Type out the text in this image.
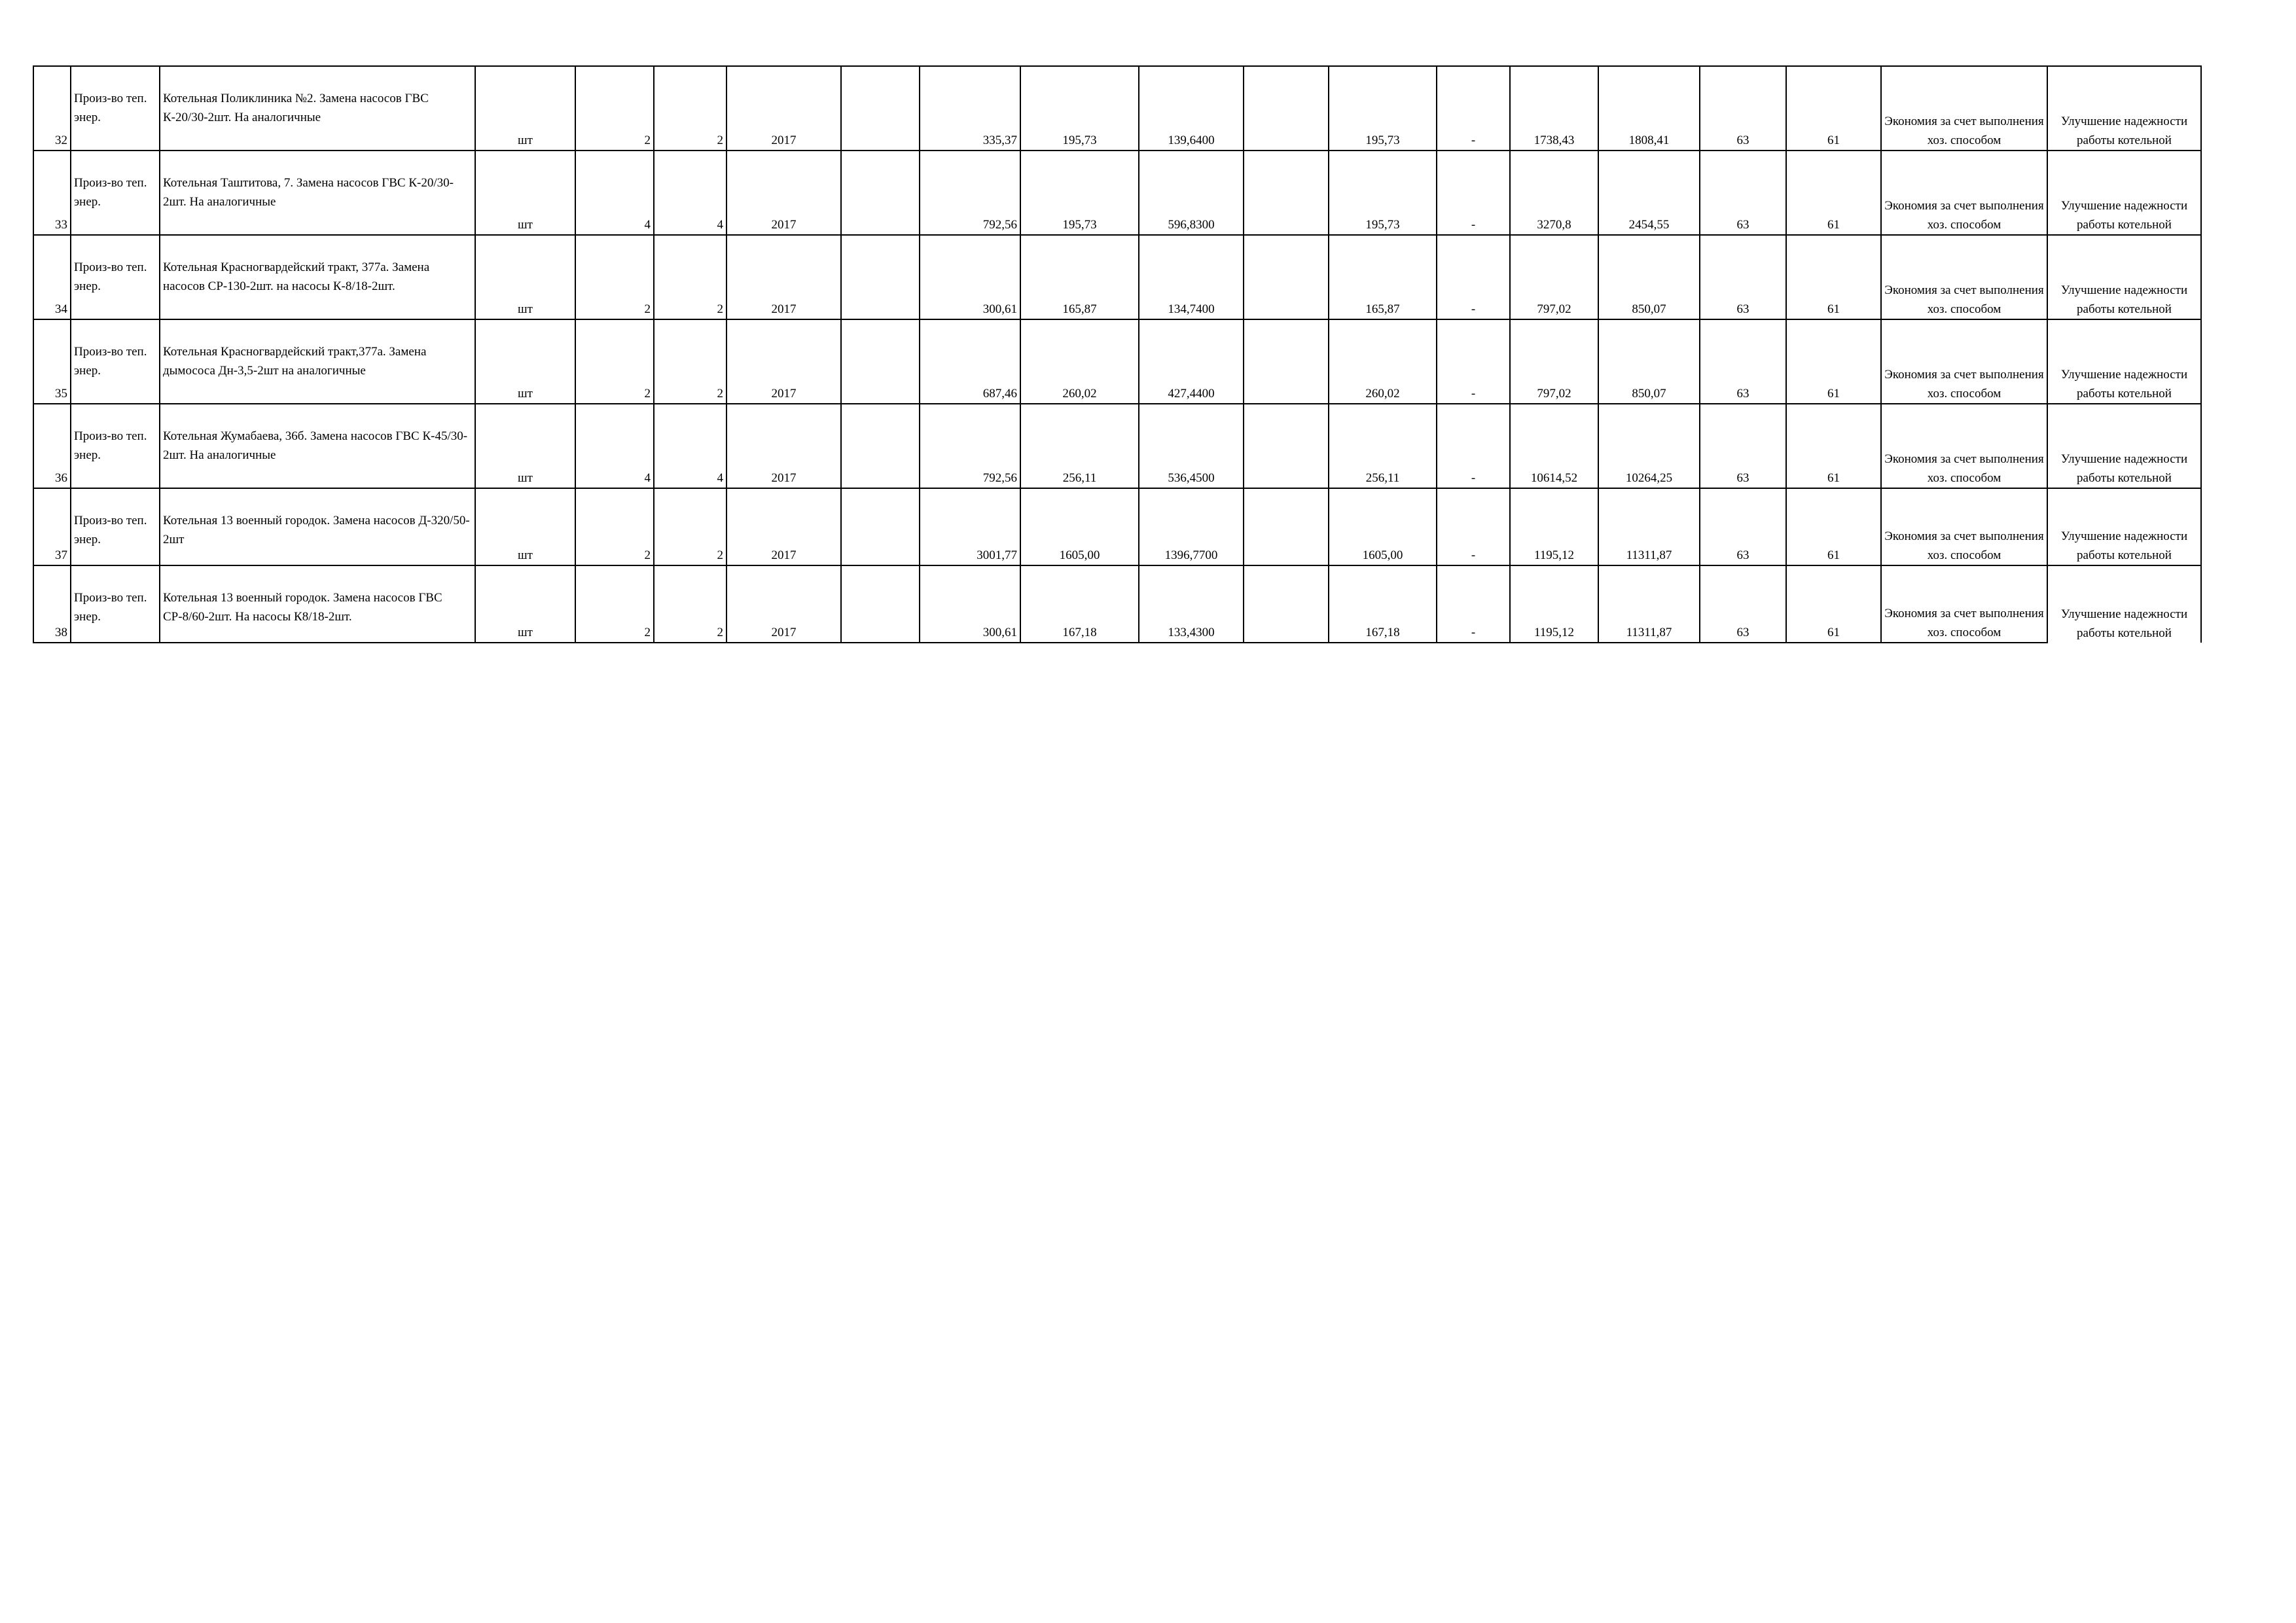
32	Произ-во теп. энер.	Котельная Поликлиника №2. Замена насосов ГВС К-20/30-2шт. На аналогичные	шт	2	2	2017		335,37	195,73	139,6400		195,73	-	1738,43	1808,41	63	61	Экономия за счет выполнения хоз. способом	Улучшение надежности работы котельной
33	Произ-во теп. энер.	Котельная Таштитова, 7. Замена насосов ГВС К-20/30-2шт. На аналогичные	шт	4	4	2017		792,56	195,73	596,8300		195,73	-	3270,8	2454,55	63	61	Экономия за счет выполнения хоз. способом	Улучшение надежности работы котельной
34	Произ-во теп. энер.	Котельная Красногвардейский тракт, 377а. Замена насосов СР-130-2шт. на насосы К-8/18-2шт.	шт	2	2	2017		300,61	165,87	134,7400		165,87	-	797,02	850,07	63	61	Экономия за счет выполнения хоз. способом	Улучшение надежности работы котельной
35	Произ-во теп. энер.	Котельная Красногвардейский тракт,377а. Замена дымососа Дн-3,5-2шт на аналогичные	шт	2	2	2017		687,46	260,02	427,4400		260,02	-	797,02	850,07	63	61	Экономия за счет выполнения хоз. способом	Улучшение надежности работы котельной
36	Произ-во теп. энер.	Котельная Жумабаева, 36б. Замена насосов ГВС К-45/30-2шт. На аналогичные	шт	4	4	2017		792,56	256,11	536,4500		256,11	-	10614,52	10264,25	63	61	Экономия за счет выполнения хоз. способом	Улучшение надежности работы котельной
37	Произ-во теп. энер.	Котельная 13 военный городок. Замена насосов Д-320/50-2шт	шт	2	2	2017		3001,77	1605,00	1396,7700		1605,00	-	1195,12	11311,87	63	61	Экономия за счет выполнения хоз. способом	Улучшение надежности работы котельной
38	Произ-во теп. энер.	Котельная 13 военный городок. Замена насосов ГВС СР-8/60-2шт. На насосы К8/18-2шт.	шт	2	2	2017		300,61	167,18	133,4300		167,18	-	1195,12	11311,87	63	61	Экономия за счет выполнения хоз. способом	Улучшение надежности работы котельной
